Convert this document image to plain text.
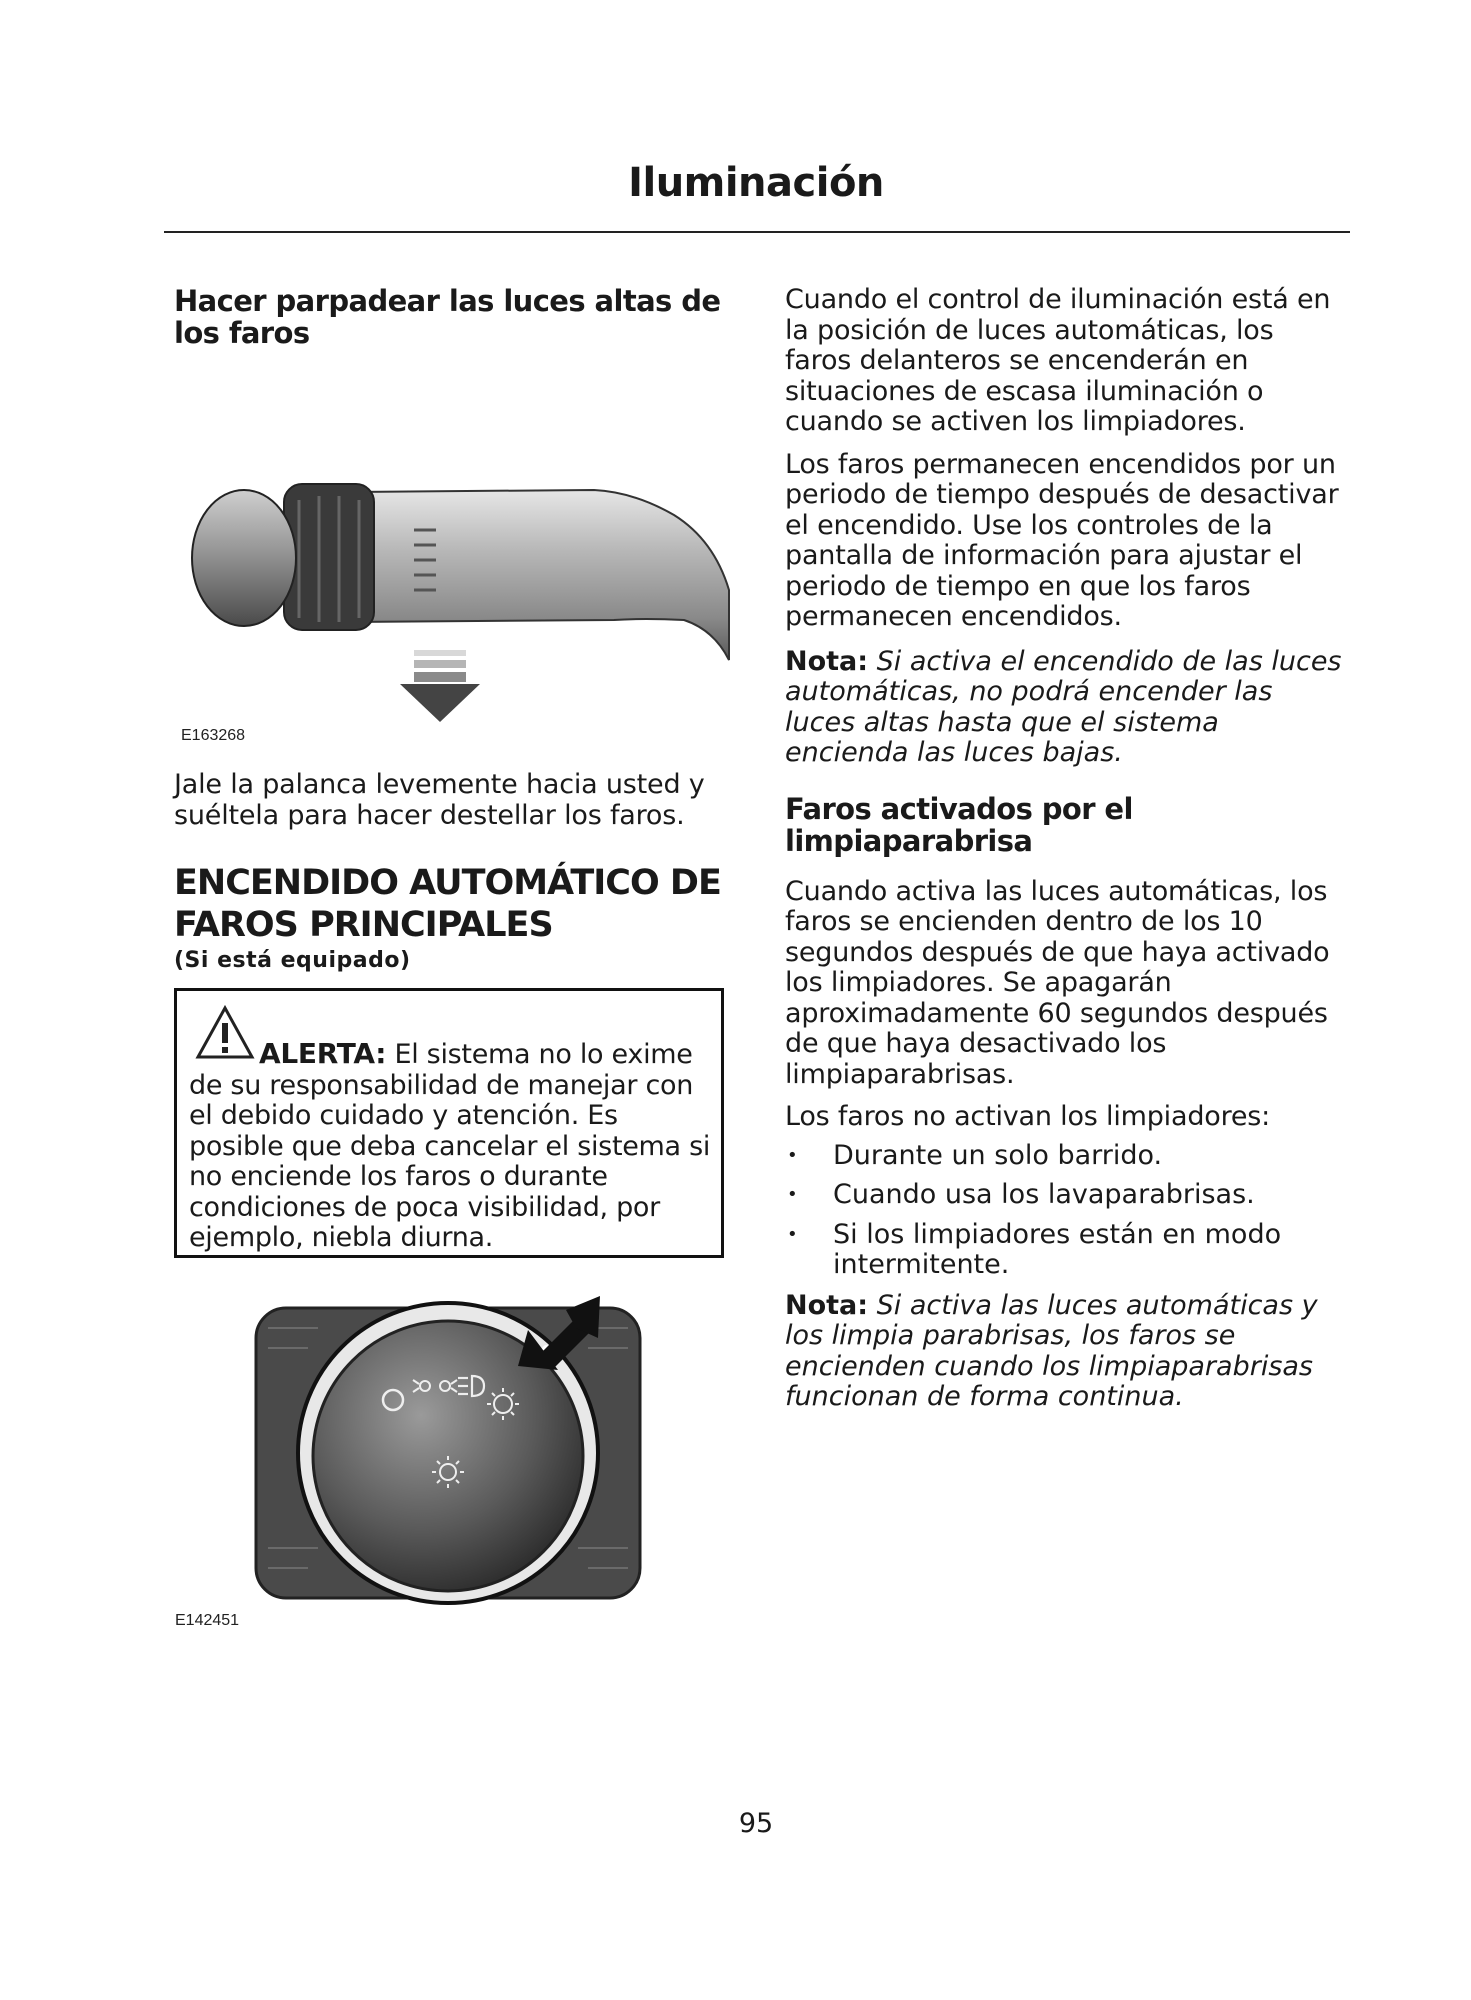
Iluminación
Hacer parpadear las luces altas de los faros
E163268

Jale la palanca levemente hacia usted y suéltela para hacer destellar los faros.

ENCENDIDO AUTOMÁTICO DE
FAROS PRINCIPALES
(Si está equipado)

ALERTA: El sistema no lo exime de su responsabilidad de manejar con el debido cuidado y atención. Es posible que deba cancelar el sistema si no enciende los faros o durante condiciones de poca visibilidad, por ejemplo, niebla diurna.

E142451

Cuando el control de iluminación está en la posición de luces automáticas, los faros delanteros se encenderán en situaciones de escasa iluminación o cuando se activen los limpiadores.

Los faros permanecen encendidos por un periodo de tiempo después de desactivar el encendido. Use los controles de la pantalla de información para ajustar el periodo de tiempo en que los faros permanecen encendidos.

Nota: Si activa el encendido de las luces automáticas, no podrá encender las luces altas hasta que el sistema encienda las luces bajas.
Faros activados por el limpiaparabrisa

Cuando activa las luces automáticas, los faros se encienden dentro de los 10 segundos después de que haya activado los limpiadores. Se apagarán aproximadamente 60 segundos después de que haya desactivado los limpiaparabrisas.

Los faros no activan los limpiadores:

• Durante un solo barrido.
• Cuando usa los lavaparabrisas.
• Si los limpiadores están en modo intermitente.
Nota: Si activa las luces automáticas y los limpia parabrisas, los faros se encienden cuando los limpiaparabrisas funcionan de forma continua.
95
